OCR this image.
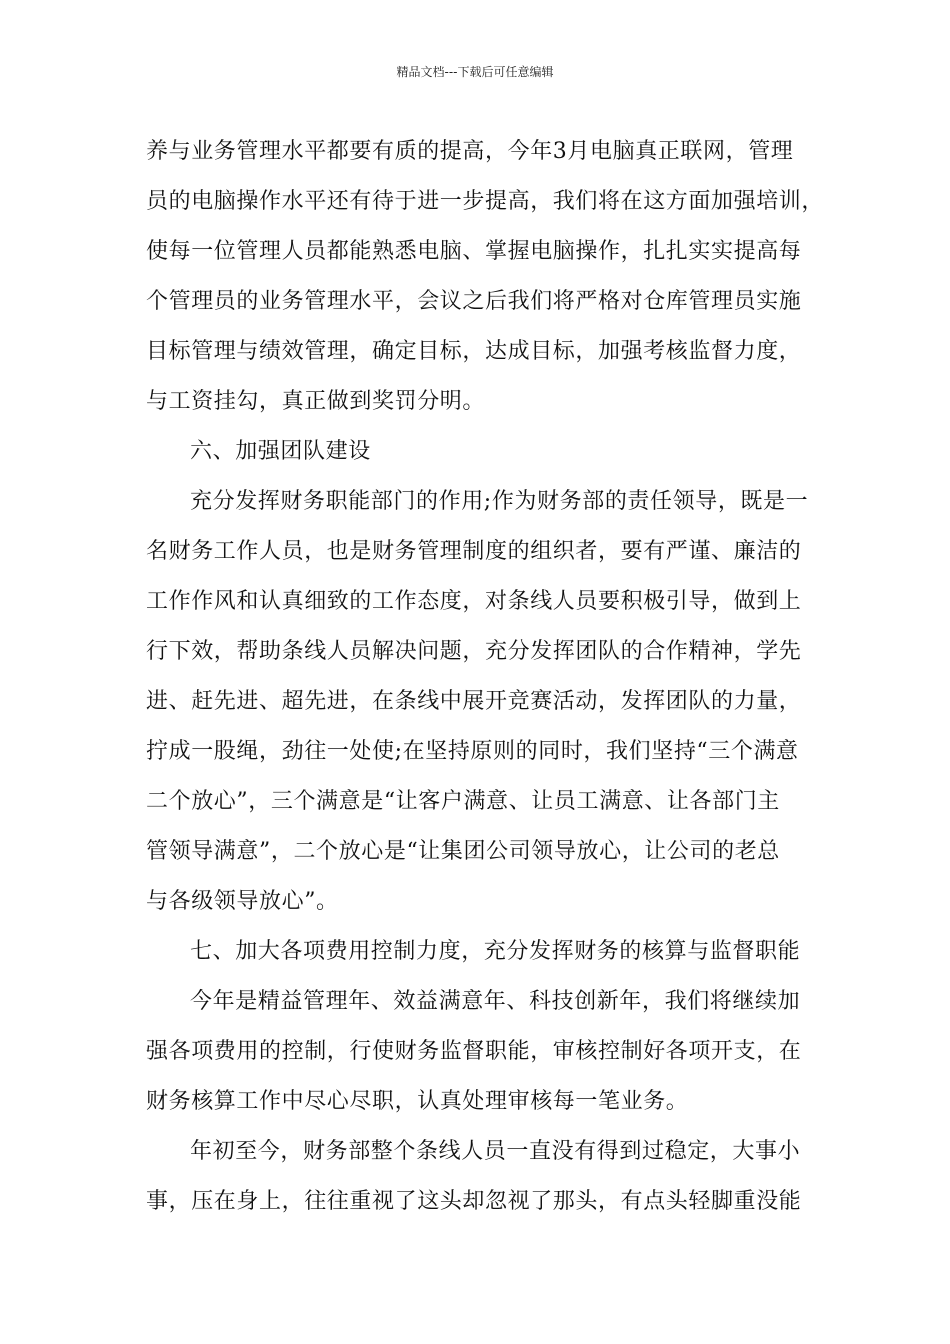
精品文档---下载后可任意编辑
养与业务管理水平都要有质的提高，今年3月电脑真正联网，管理
员的电脑操作水平还有待于进一步提高，我们将在这方面加强培训，
使每一位管理人员都能熟悉电脑、掌握电脑操作，扎扎实实提高每
个管理员的业务管理水平，会议之后我们将严格对仓库管理员实施
目标管理与绩效管理，确定目标，达成目标，加强考核监督力度，
与工资挂勾，真正做到奖罚分明。
六、加强团队建设
充分发挥财务职能部门的作用;作为财务部的责任领导，既是一
名财务工作人员，也是财务管理制度的组织者，要有严谨、廉洁的
工作作风和认真细致的工作态度，对条线人员要积极引导，做到上
行下效，帮助条线人员解决问题，充分发挥团队的合作精神，学先
进、赶先进、超先进，在条线中展开竞赛活动，发挥团队的力量，
拧成一股绳，劲往一处使;在坚持原则的同时，我们坚持“三个满意
二个放心”，三个满意是“让客户满意、让员工满意、让各部门主
管领导满意”，二个放心是“让集团公司领导放心，让公司的老总
与各级领导放心”。
七、加大各项费用控制力度，充分发挥财务的核算与监督职能
今年是精益管理年、效益满意年、科技创新年，我们将继续加
强各项费用的控制，行使财务监督职能，审核控制好各项开支，在
财务核算工作中尽心尽职，认真处理审核每一笔业务。
年初至今，财务部整个条线人员一直没有得到过稳定，大事小
事，压在身上，往往重视了这头却忽视了那头，有点头轻脚重没能
